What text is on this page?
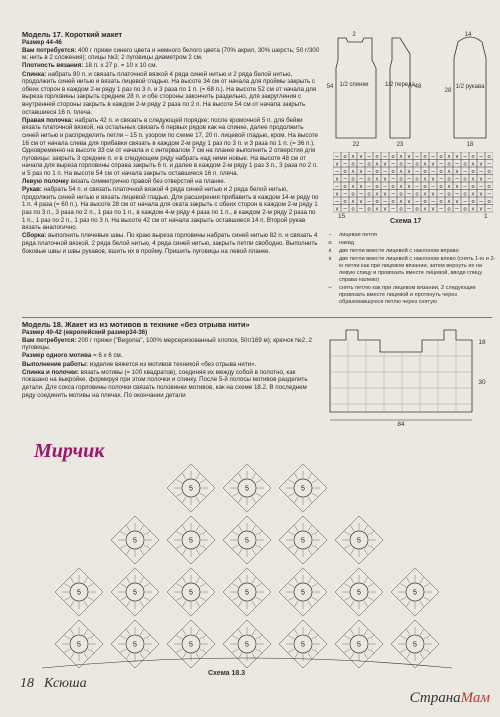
Модель 17. Короткий жакет
Размер 44-46

Вам потребуется: 400 г пряжи синего цвета и немного белого цвета (70% акрил, 30% шерсть; 50 г/300 м; нить в 2 сложения); спицы №3; 2 пуговицы диаметром 2 см.

Плотность вязания: 18 п. х 27 р. = 10 х 10 см.

Спинка: набрать 80 п. и связать платочной вязкой 4 ряда синей нитью и 2 ряда белой нитью, продолжить синей нитью и вязать лицевой гладью. На высоте 34 см от начала для проймы закрыть с обеих сторон в каждом 2-м ряду 1 раз по 3 п. и 3 раза по 1 п. (= 68 п.). На высоте 52 см от начала для выреза горловины закрыть средние 28 п. и обе стороны закончить раздельно, для закругления с внутренней стороны закрыть в каждом 2-м ряду 2 раза по 2 п. На высоте 54 см от начала закрыть оставшиеся 16 п. плеча.

Правая полочка: набрать 42 п. и связать в следующей порядке: после кромочной 5 п. для бейки вязать платочной вязкой, на остальных связать 6 первых рядов как на спинке, далее продолжить синей нитью и распределить петли – 15 п. узором по схеме 17, 20 п. лицевой гладью, кром. На высоте 16 см от начала слева для прибавки связать в каждом 2-м ряду 1 раз по 3 п. и 3 раза по 1 п. (= 36 п.). Одновременно на высоте 33 см от начала и с интервалом 7 см на планке выполнить 2 отверстия для пуговицы: закрыть 3 средние п. и в следующем ряду набрать над ними новые. На высоте 48 см от начала для выреза горловины справа закрыть 6 п. и далее в каждом 2-м ряду 1 раз 3 п., 3 раза по 2 п. и 5 раз по 1 п. На высоте 54 см от начала закрыть оставшиеся 16 п. плеча.

Левую полочку вязать симметрично правой без отверстий на планке.

Рукав: набрать 54 п. и связать платочной вязкой 4 ряда синей нитью и 2 ряда белой нитью, продолжить синей нитью и вязать лицевой гладью. Для расширения прибавить в каждом 14-м ряду по 1 п. 4 раза (= 60 п.). На высоте 28 см от начала для оката закрыть с обеих сторон в каждом 2-м ряду 1 раз по 3 п., 3 раза по 2 п., 1 раз по 1 п., в каждом 4-м ряду 4 раза по 1 п., в каждом 2-м ряду 2 раза по 1 п., 1 раз по 2 п., 1 раз по 3 п. На высоте 42 см от начала закрыть оставшиеся 14 п. Второй рукав вязать аналогично.

Сборка: выполнить плечевые швы. По краю выреза горловины набрать синей нитью 82 п. и связать 4 ряда платочной вязкой, 2 ряда белой нитью, 4 ряда синей нитью, закрыть петли свободно. Выполнить боковые швы и швы рукавов, вшить их в пройму. Пришить пуговицы на левой планке.

1/2 спинки	1/2 переда	1/2 рукава
22	23	18
54	48
28
2	14
− o ∧ ∨ − o − o ∧ ∨ − o − o ∧ ∨ − o − o
∨ − o − o ∧ ∨ − o − o ∧ ∨ − o − o ∧ ∨ −
− o ∧ ∨ − o − o ∧ ∨ − o − o ∧ ∨ − o − o
∨ − o − o ∧ ∨ − o − o ∧ ∨ − o − o ∧ ∨ −
− o ∧ ∨ − o − o ∧ ∨ − o − o ∧ ∨ − o − o
∨ − o − o ∧ ∨ − o − o ∧ ∨ − o − o ∧ ∨ −
− o ∧ ∨ − o − o ∧ ∨ − o − o ∧ ∨ − o − o
∨ − o − o ∧ ∨ − o − o ∧ ∨ − o − o ∧ ∨ −
Схема 17
15	1
–	лицевая петля
o	накид
∧	две петли вместе лицевой с наклоном вправо
∨	две петли вместе лицевой с наклоном влево (снять 1-ю и 2-ю петли как при лицевом вязании, затем вернуть их на левую спицу и провязать вместе лицевой, вводя спицу справа налево)
∼	снять петлю как при лицевом вязании, 2 следующие провязать вместе лицевой и протянуть через образовавшуюся петлю через снятую
Модель 18. Жакет из из мотивов в технике «без отрыва нити»
Размер 40-42 (европейский размер34-36)

Вам потребуется: 200 г пряжи ("Begonia", 100% мерсеризованный хлопок, 50г/169 м); крючок №2, 2 пуговицы.

Размер одного мотива = 6 х 6 см.

Выполнение работы: изделие вяжется из мотивов техникой «без отрыва нити».

Спинка и полочки: вязать мотивы (= 100 квадратов), соединяя их между собой в полотно, как показано на выкройке, формируя при этом полочки и спинку. После 5-й полосы мотивов разделить детали. Для сокса горловины полочки связать половинки мотивов, как на схеме 18.2. В последнем ряду соединить мотивы на плечах. По окончании детали

18
30
84
Мирчик
5	5	5
5	5	5	5	5
5	5	5	5	5	5	5
5	5	5	5	5	5	5
Схема 18.3
18 Ксюша
СтранаМам
